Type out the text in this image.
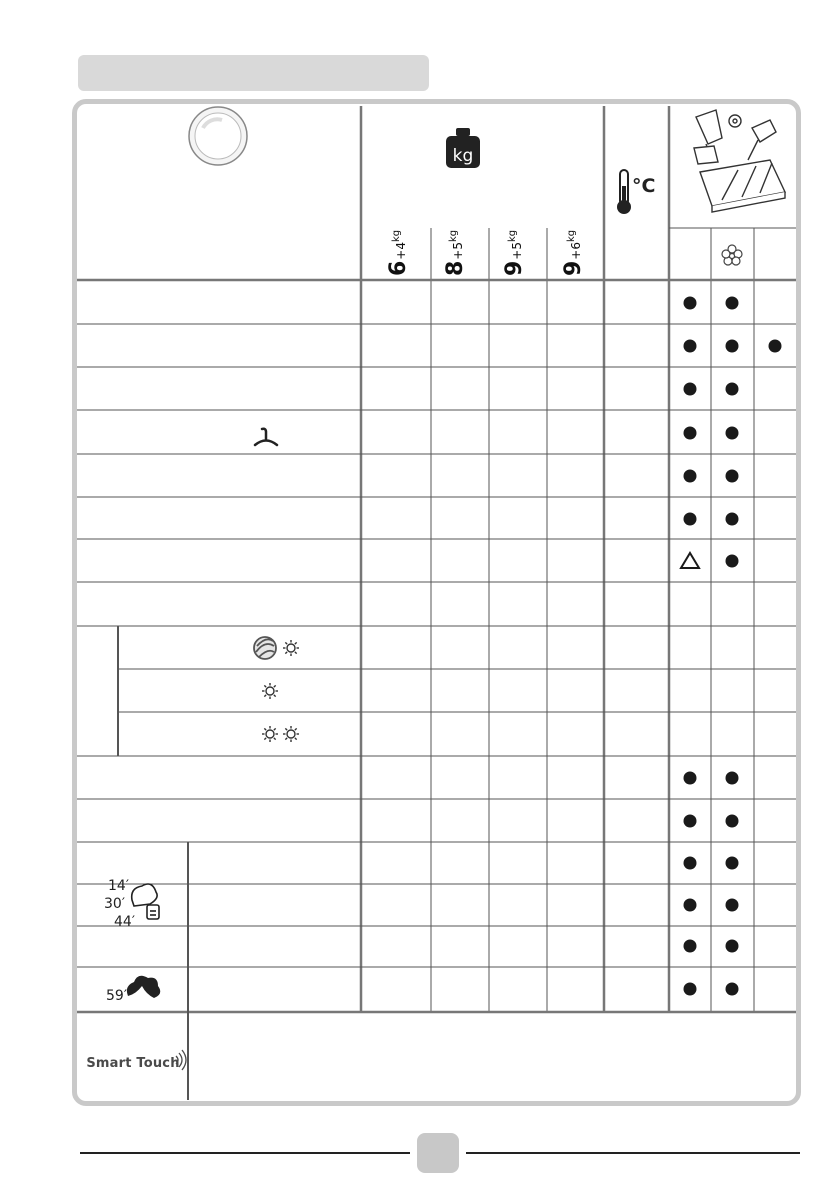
kg
°C
14′
30′
44′
59′
$6+4^{kg}$
$8+5^{kg}$
$9+5^{kg}$
$9+6^{kg}$
Smart Touch
